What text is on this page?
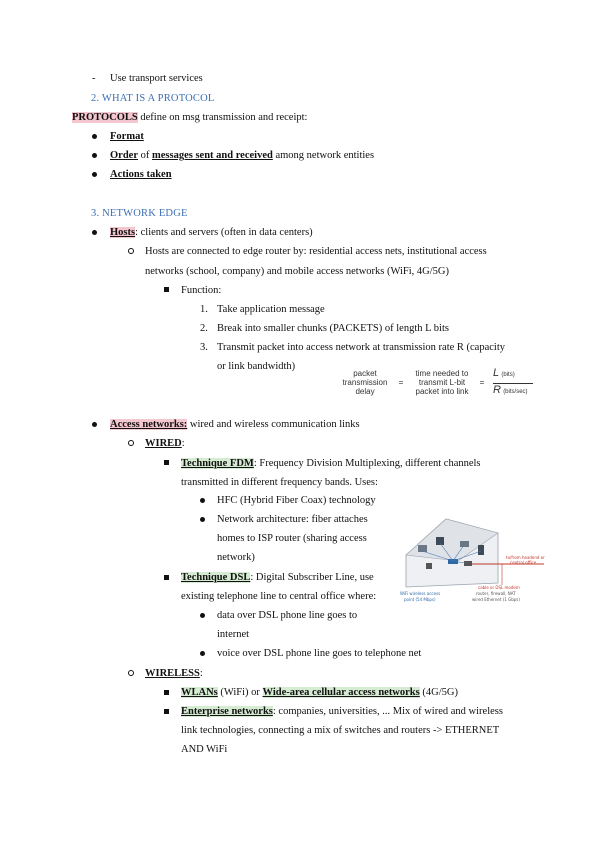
- Use transport services
2. WHAT IS A PROTOCOL
PROTOCOLS define on msg transmission and receipt:
Format
Order of messages sent and received among network entities
Actions taken
3. NETWORK EDGE
Hosts: clients and servers (often in data centers)
Hosts are connected to edge router by: residential access nets, institutional access
networks (school, company) and mobile access networks (WiFi, 4G/5G)
Function:
1. Take application message
2. Break into smaller chunks (PACKETS) of length L bits
3. Transmit packet into access network at transmission rate R (capacity
or link bandwidth)
packet
transmission
delay
=
time needed to
transmit L-bit
packet into link
=
L (bits)
R (bits/sec)
Access networks: wired and wireless communication links
WIRED:
Technique FDM: Frequency Division Multiplexing, different channels
transmitted in different frequency bands. Uses:
HFC (Hybrid Fiber Coax) technology
Network architecture: fiber attaches
homes to ISP router (sharing access
network)
Technique DSL: Digital Subscriber Line, use
existing telephone line to central office where:
data over DSL phone line goes to
internet
voice over DSL phone line goes to telephone net
WIRELESS:
WLANs (WiFi) or Wide-area cellular access networks (4G/5G)
Enterprise networks: companies, universities, ... Mix of wired and wireless
link technologies, connecting a mix of switches and routers -> ETHERNET
AND WiFi
to/from headend or
central office
cable or DSL modem
router, firewall, NAT
wired Ethernet (1 Gbps)
WiFi wireless access
point (54 Mbps)
